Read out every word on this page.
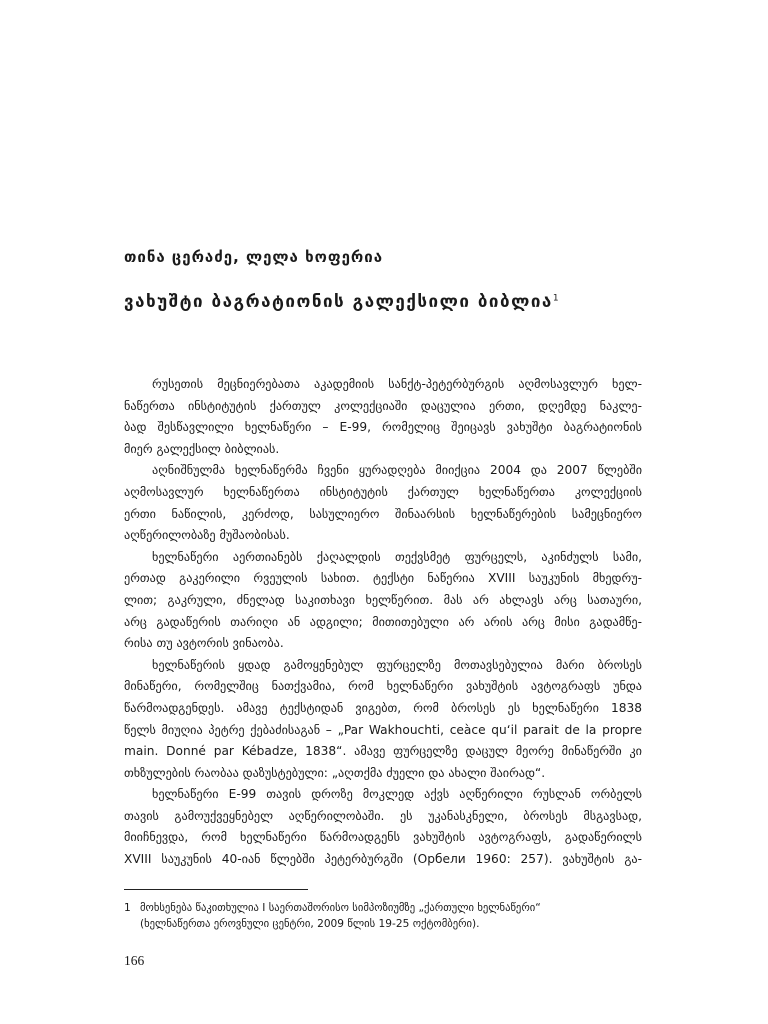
თინა ცერაძე, ლელა ხოფერია
ვახუშტი ბაგრატიონის გალექსილი ბიბლია$^1$
რუსეთის მეცნიერებათა აკადემიის სანქტ-პეტერბურგის აღმოსავლურ ხელ-
ნაწერთა ინსტიტუტის ქართულ კოლექციაში დაცულია ერთი, დღემდე ნაკლე-
ბად შესწავლილი ხელნაწერი – E-99, რომელიც შეიცავს ვახუშტი ბაგრატიონის
მიერ გალექსილ ბიბლიას.
აღნიშნულმა ხელნაწერმა ჩვენი ყურადღება მიიქცია 2004 და 2007 წლებში
აღმოსავლურ ხელნაწერთა ინსტიტუტის ქართულ ხელნაწერთა კოლექციის
ერთი ნაწილის, კერძოდ, სასულიერო შინაარსის ხელნაწერების სამეცნიერო
აღწერილობაზე მუშაობისას.
ხელნაწერი აერთიანებს ქაღალდის თექვსმეტ ფურცელს, აკინძულს სამი,
ერთად გაკერილი რვეულის სახით. ტექსტი ნაწერია XVIII საუკუნის მხედრუ-
ლით; გაკრული, ძნელად საკითხავი ხელწერით. მას არ ახლავს არც სათაური,
არც გადაწერის თარიღი ან ადგილი; მითითებული არ არის არც მისი გადამწე-
რისა თუ ავტორის ვინაობა.
ხელნაწერის ყდად გამოყენებულ ფურცელზე მოთავსებულია მარი ბროსეს
მინაწერი, რომელშიც ნათქვამია, რომ ხელნაწერი ვახუშტის ავტოგრაფს უნდა
წარმოადგენდეს. ამავე ტექსტიდან ვიგებთ, რომ ბროსეს ეს ხელნაწერი 1838
წელს მიუღია პეტრე ქებაძისაგან – „Par Wakhouchti, ceàce qu‘il parait de la propre
main. Donné par Kébadze, 1838“. ამავე ფურცელზე დაცულ მეორე მინაწერში კი
თხზულების რაობაა დაზუსტებული: „აღთქმა ძუელი და ახალი შაირად“.
ხელნაწერი E-99 თავის დროზე მოკლედ აქვს აღწერილი რუსლან ორბელს
თავის გამოუქვეყნებელ აღწერილობაში. ეს უკანასკნელი, ბროსეს მსგავსად,
მიიჩნევდა, რომ ხელნაწერი წარმოადგენს ვახუშტის ავტოგრაფს, გადაწერილს
XVIII საუკუნის 40-იან წლებში პეტერბურგში (Орбели 1960: 257). ვახუშტის გა-
1 მოხსენება წაკითხულია I საერთაშორისო სიმპოზიუმზე „ქართული ხელნაწერი“
(ხელნაწერთა ეროვნული ცენტრი, 2009 წლის 19-25 ოქტომბერი).
166
